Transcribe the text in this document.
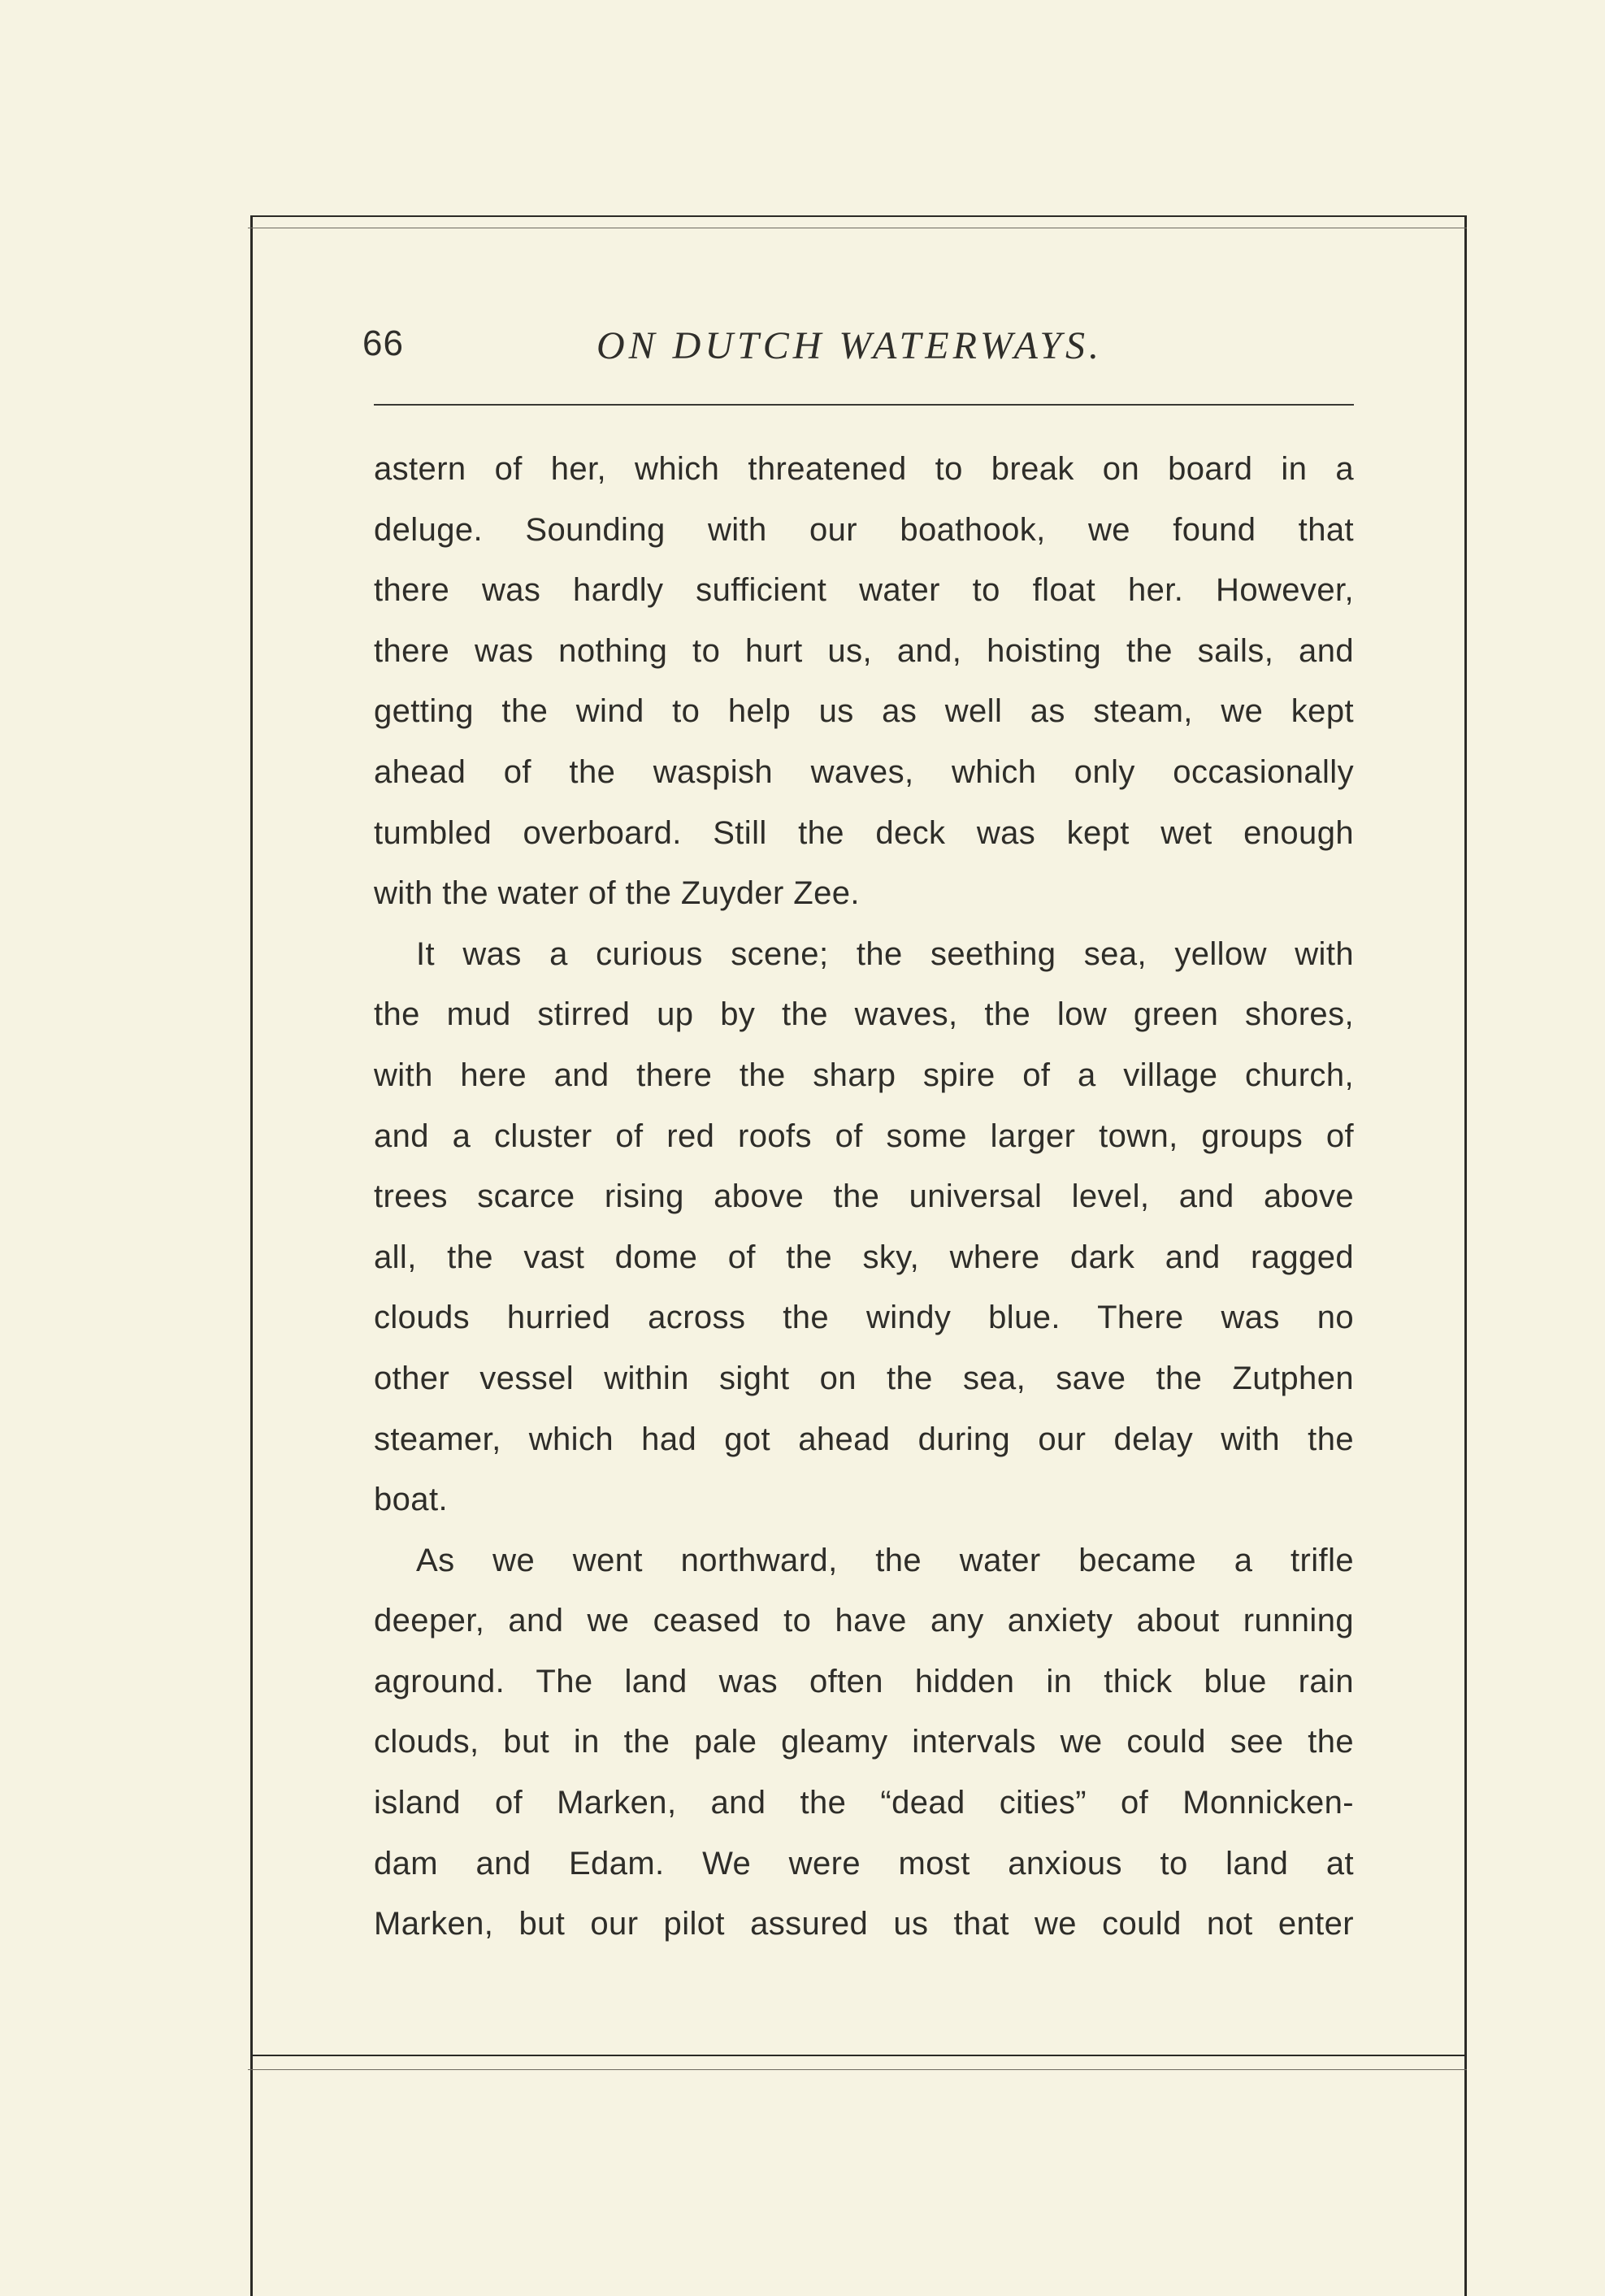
66	ON DUTCH WATERWAYS.
astern of her, which threatened to break on board in a
deluge. Sounding with our boathook, we found that
there was hardly sufficient water to float her. However,
there was nothing to hurt us, and, hoisting the sails, and
getting the wind to help us as well as steam, we kept
ahead of the waspish waves, which only occasionally
tumbled overboard. Still the deck was kept wet enough
with the water of the Zuyder Zee.
It was a curious scene; the seething sea, yellow with
the mud stirred up by the waves, the low green shores,
with here and there the sharp spire of a village church,
and a cluster of red roofs of some larger town, groups of
trees scarce rising above the universal level, and above
all, the vast dome of the sky, where dark and ragged
clouds hurried across the windy blue. There was no
other vessel within sight on the sea, save the Zutphen
steamer, which had got ahead during our delay with the
boat.
As we went northward, the water became a trifle
deeper, and we ceased to have any anxiety about running
aground. The land was often hidden in thick blue rain
clouds, but in the pale gleamy intervals we could see the
island of Marken, and the “dead cities” of Monnicken-
dam and Edam. We were most anxious to land at
Marken, but our pilot assured us that we could not enter
